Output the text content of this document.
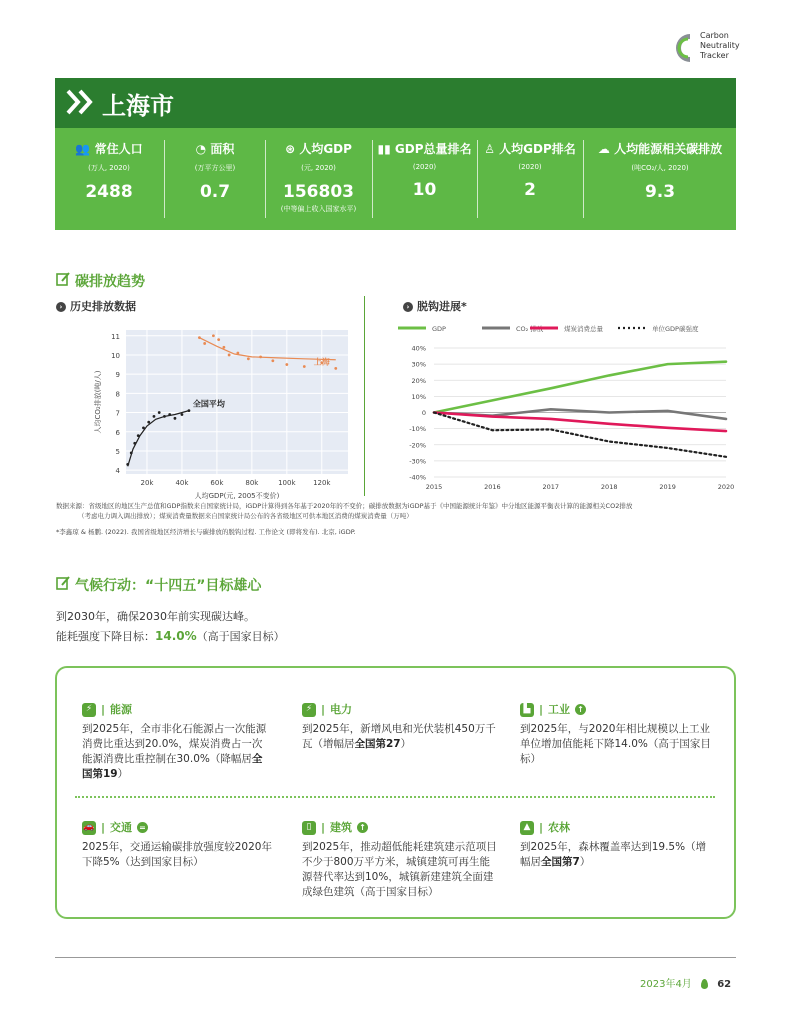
Carbon
Neutrality
Tracker
上海市
👥 常住人口
(万人, 2020)
2488
◔ 面积
(万平方公里)
0.7
⊛ 人均GDP
(元, 2020)
156803
(中等偏上收入国家水平)
▮▮ GDP总量排名
(2020)
10
♙ 人均GDP排名
(2020)
2
☁ 人均能源相关碳排放
(吨CO₂/人, 2020)
9.3
碳排放趋势
› 历史排放数据	› 脱钩进展*
4
5
6
7
8
9
10
11
20k	40k	60k	80k	100k	120k
人均GDP(元, 2005不变价)
人均CO₂排放(吨/人)
上海
全国平均
GDP	CO₂ 排放	煤炭消费总量	单位GDP碳强度
40%
30%
20%
10%
0
-10%
-20%
-30%
-40%
2015	2016	2017	2018	2019	2020
数据来源：省级地区的地区生产总值和GDP指数来自国家统计局，iGDP计算得到各年基于2020年的不变价；碳排放数据为iGDP基于《中国能源统计年鉴》中分地区能源平衡表计算的能源相关CO2排放
（考虑电力调入调出排放）；煤炭消费量数据来自国家统计局公布的各省级地区可供本地区消费的煤炭消费量（万吨）
*李鑫琼 & 杨鹏. (2022). 我国省级地区经济增长与碳排放的脱钩过程. 工作论文 (即将发布). 北京, iGDP.
气候行动：“十四五”目标雄心
到2030年，确保2030年前实现碳达峰。
能耗强度下降目标：14.0%（高于国家目标）
⚡ | 能源
到2025年，全市非化石能源占一次能源消费比重达到20.0%，煤炭消费占一次能源消费比重控制在30.0%（降幅居全国第19）
⚡ | 电力
到2025年，新增风电和光伏装机450万千瓦（增幅居全国第27）
▙ | 工业 ↑
到2025年，与2020年相比规模以上工业单位增加值能耗下降14.0%（高于国家目标）
🚗 | 交通 =
2025年，交通运输碳排放强度较2020年下降5%（达到国家目标）
▯ | 建筑 ↑
到2025年，推动超低能耗建筑建示范项目不少于800万平方米，城镇建筑可再生能源替代率达到10%，城镇新建建筑全面建成绿色建筑（高于国家目标）
▲ | 农林
到2025年，森林覆盖率达到19.5%（增幅居全国第7）
2023年4月	62
